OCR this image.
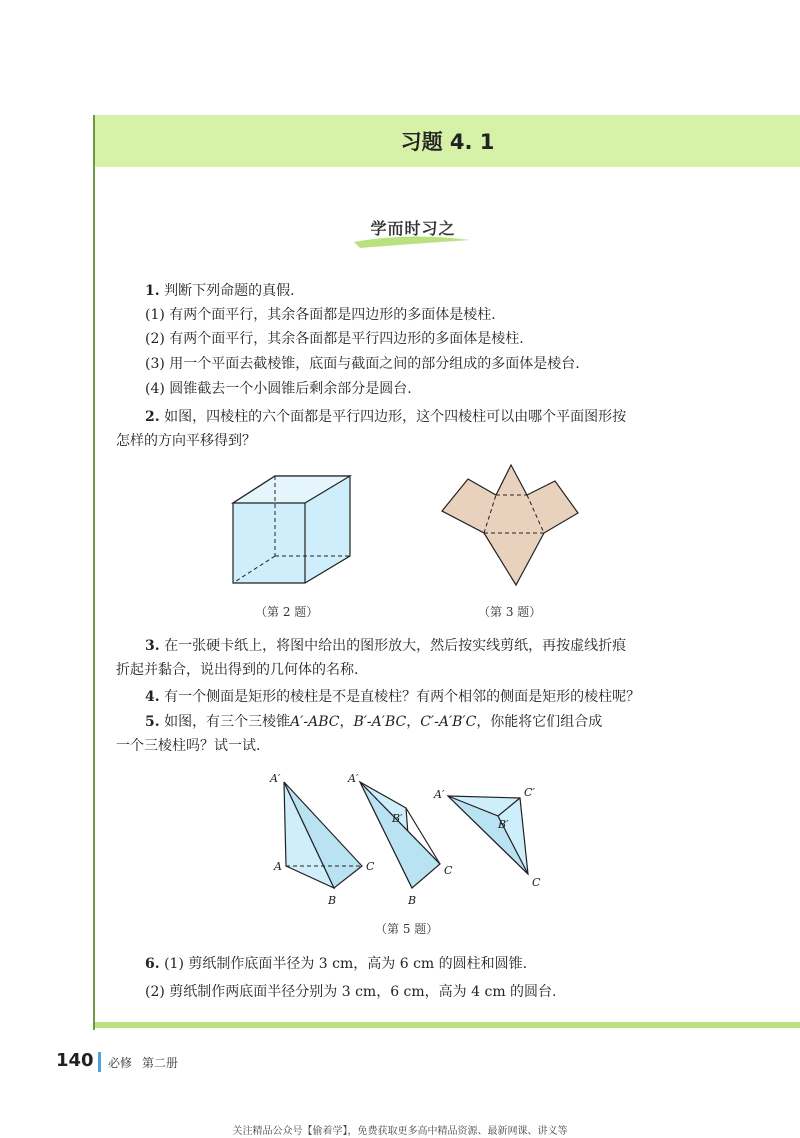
习题 4. 1
学而时习之
1. 判断下列命题的真假.
(1) 有两个面平行，其余各面都是四边形的多面体是棱柱.
(2) 有两个面平行，其余各面都是平行四边形的多面体是棱柱.
(3) 用一个平面去截棱锥，底面与截面之间的部分组成的多面体是棱台.
(4) 圆锥截去一个小圆锥后剩余部分是圆台.
2. 如图，四棱柱的六个面都是平行四边形，这个四棱柱可以由哪个平面图形按
怎样的方向平移得到？
（第 2 题）	（第 3 题）
3. 在一张硬卡纸上，将图中给出的图形放大，然后按实线剪纸，再按虚线折痕
折起并黏合，说出得到的几何体的名称.
4. 有一个侧面是矩形的棱柱是不是直棱柱？有两个相邻的侧面是矩形的棱柱呢？
5. 如图，有三个三棱锥A′-ABC，B′-A′BC，C′-A′B′C，你能将它们组合成
一个三棱柱吗？试一试.
A′
A
B
C
A′
B′
B
C
A′	C′
B′
C
（第 5 题）
6. (1) 剪纸制作底面半径为 3 cm，高为 6 cm 的圆柱和圆锥.
(2) 剪纸制作两底面半径分别为 3 cm，6 cm，高为 4 cm 的圆台.
140 必修 第二册
关注精品公众号【偷着学】，免费获取更多高中精品资源、最新网课、讲义等
